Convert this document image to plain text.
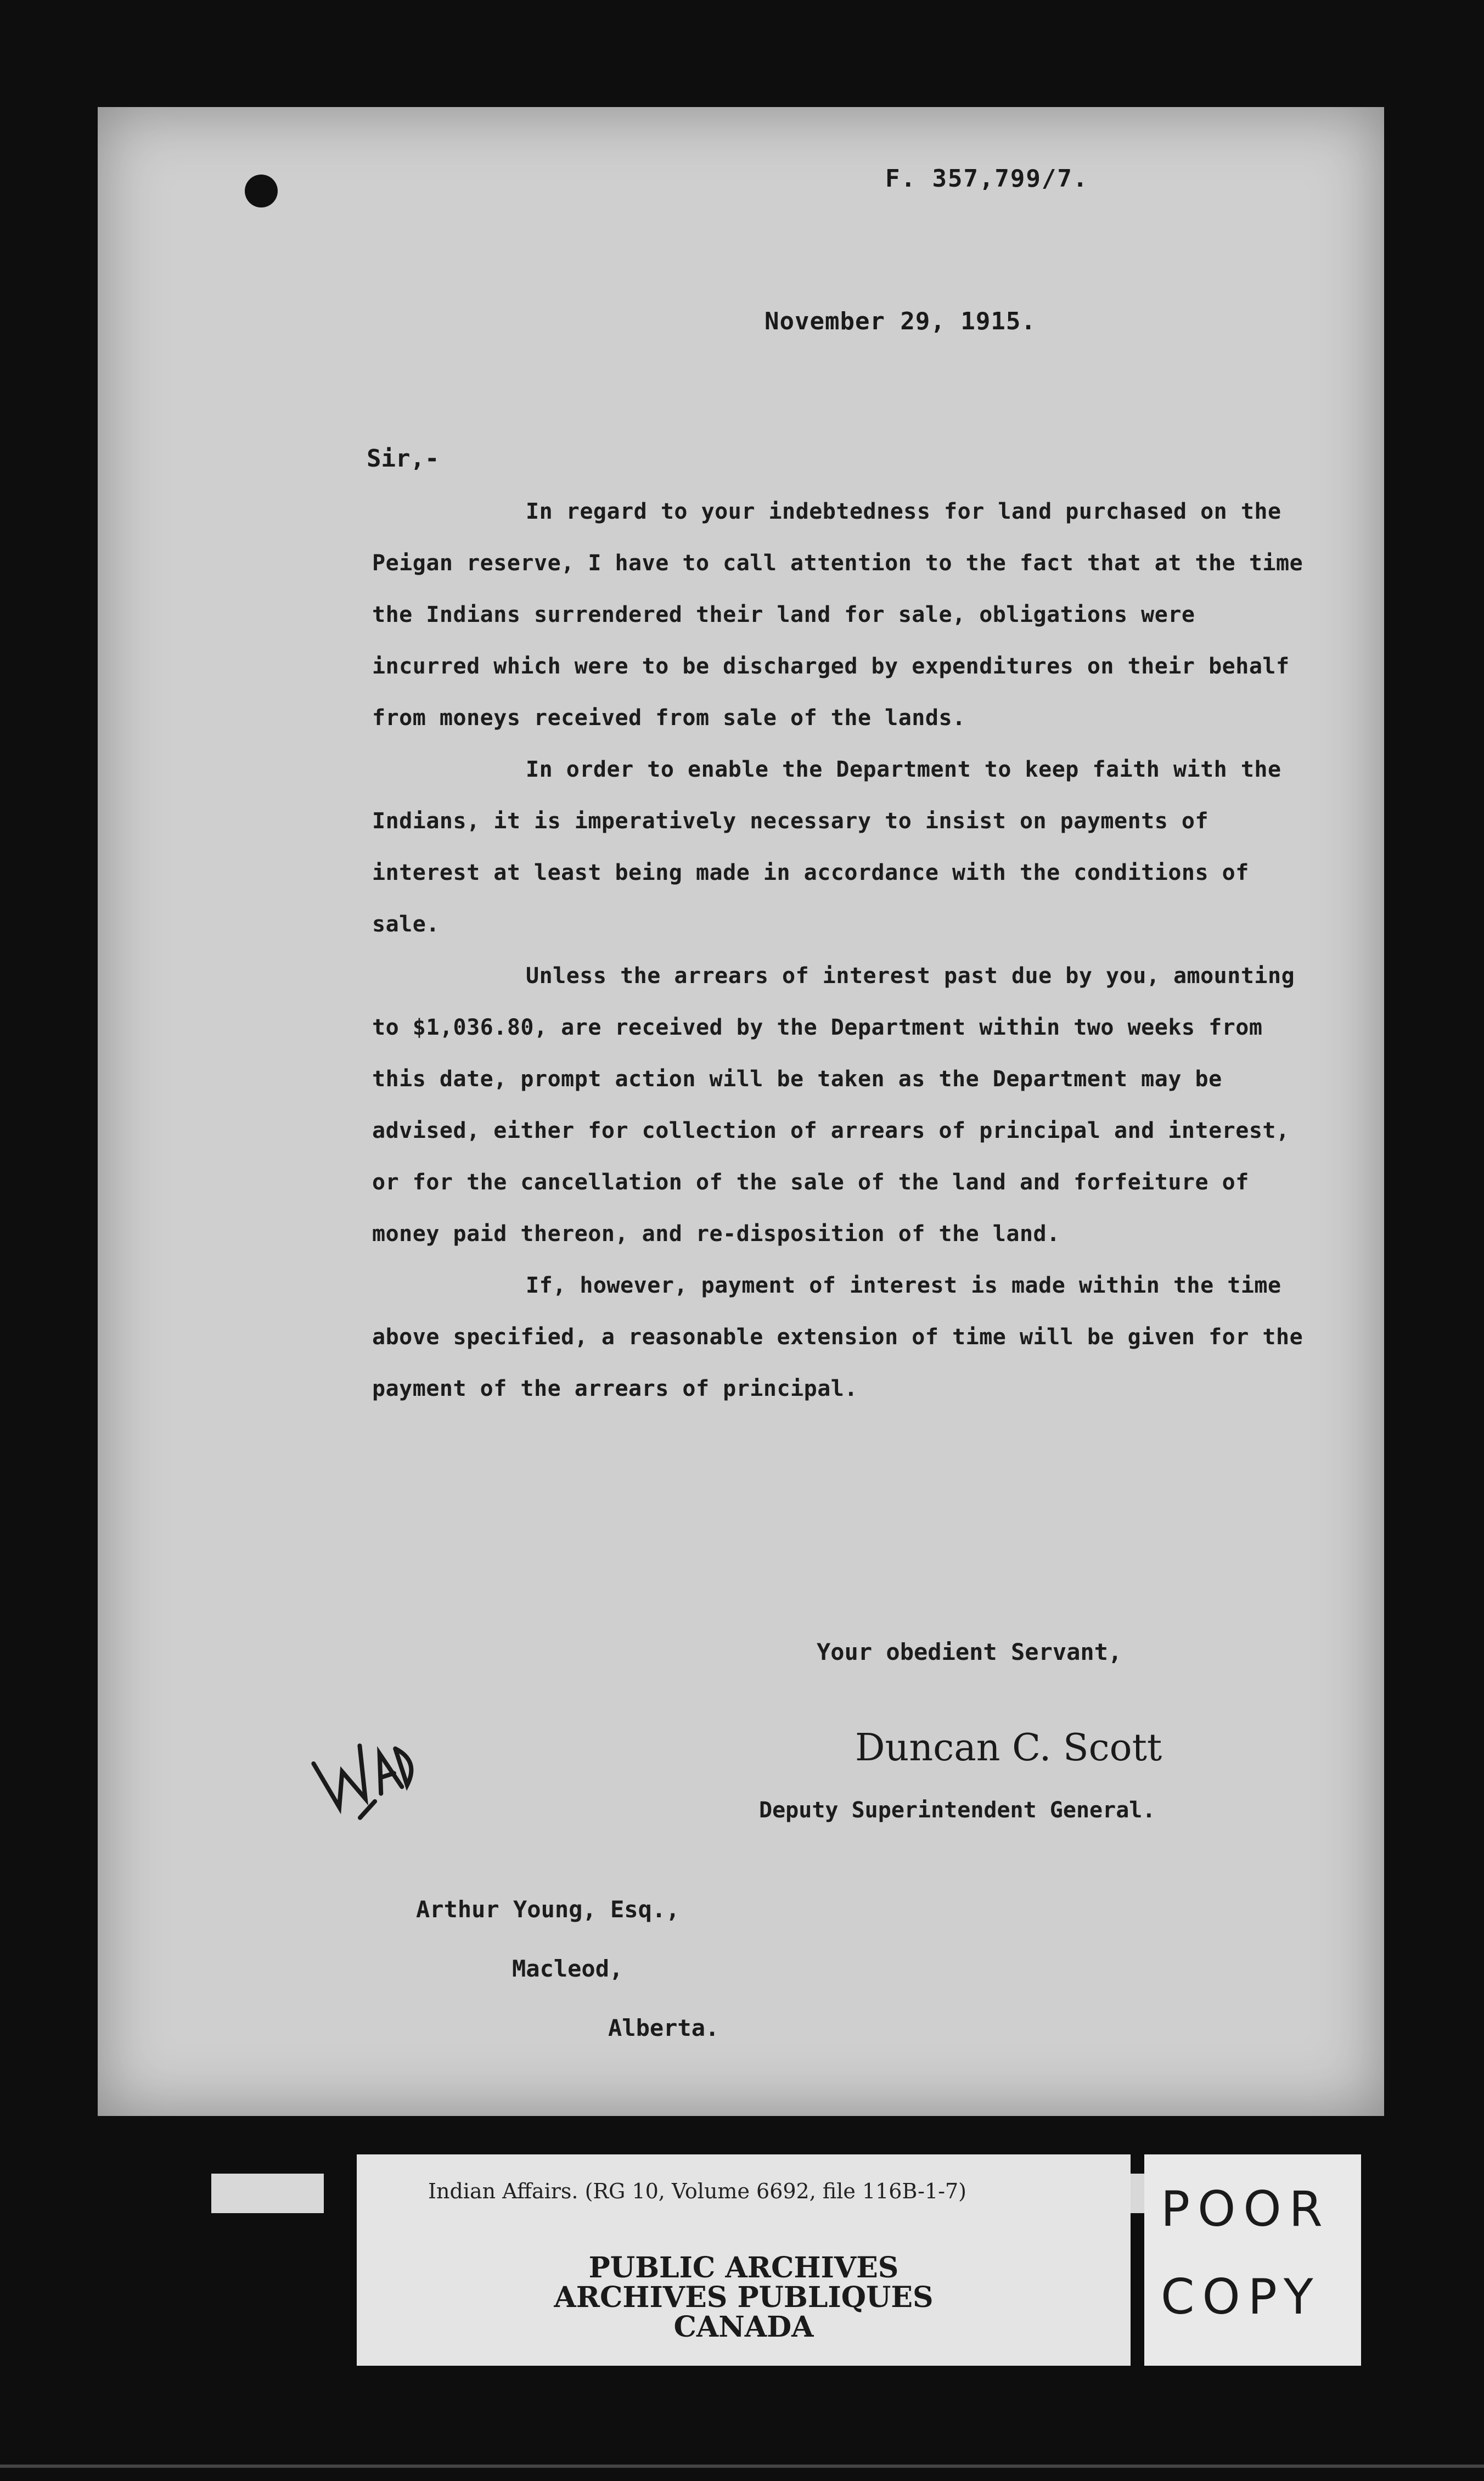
F. 357,799/7.
November 29, 1915.
Sir,-

In regard to your indebtedness for land purchased on the Peigan reserve, I have to call attention to the fact that at the time the Indians surrendered their land for sale, obligations were incurred which were to be discharged by expenditures on their behalf from moneys received from sale of the lands.

In order to enable the Department to keep faith with the Indians, it is imperatively necessary to insist on payments of interest at least being made in accordance with the conditions of sale.

Unless the arrears of interest past due by you, amounting to $1,036.80, are received by the Department within two weeks from this date, prompt action will be taken as the Department may be advised, either for collection of arrears of principal and interest, or for the cancellation of the sale of the land and forfeiture of money paid thereon, and re-disposition of the land.

If, however, payment of interest is made within the time above specified, a reasonable extension of time will be given for the payment of the arrears of principal.

Your obedient Servant,
Duncan C. Scott
Deputy Superintendent General.
Arthur Young, Esq.,
Macleod,
Alberta.
Indian Affairs. (RG 10, Volume 6692, file 116B-1-7)
PUBLIC ARCHIVES
ARCHIVES PUBLIQUES
CANADA
POOR
COPY
